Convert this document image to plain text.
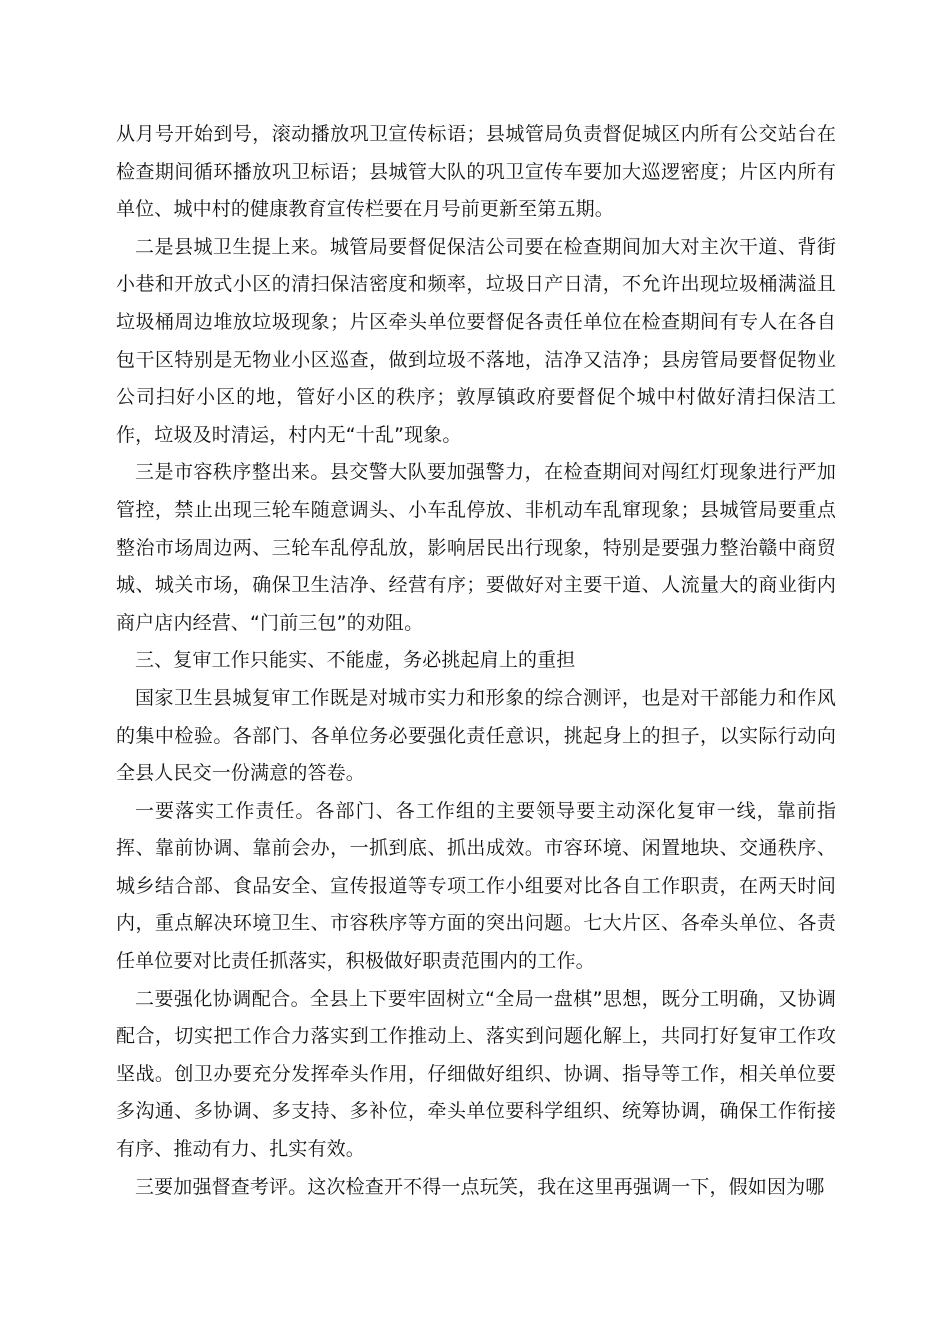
从月号开始到号，滚动播放巩卫宣传标语；县城管局负责督促城区内所有公交站台在检查期间循环播放巩卫标语；县城管大队的巩卫宣传车要加大巡逻密度；片区内所有单位、城中村的健康教育宣传栏要在月号前更新至第五期。

二是县城卫生提上来。城管局要督促保洁公司要在检查期间加大对主次干道、背街小巷和开放式小区的清扫保洁密度和频率，垃圾日产日清，不允许出现垃圾桶满溢且垃圾桶周边堆放垃圾现象；片区牵头单位要督促各责任单位在检查期间有专人在各自包干区特别是无物业小区巡查，做到垃圾不落地，洁净又洁净；县房管局要督促物业公司扫好小区的地，管好小区的秩序；敦厚镇政府要督促个城中村做好清扫保洁工作，垃圾及时清运，村内无“十乱”现象。

三是市容秩序整出来。县交警大队要加强警力，在检查期间对闯红灯现象进行严加管控，禁止出现三轮车随意调头、小车乱停放、非机动车乱窜现象；县城管局要重点整治市场周边两、三轮车乱停乱放，影响居民出行现象，特别是要强力整治赣中商贸城、城关市场，确保卫生洁净、经营有序；要做好对主要干道、人流量大的商业街内商户店内经营、“门前三包”的劝阻。

三、复审工作只能实、不能虚，务必挑起肩上的重担

国家卫生县城复审工作既是对城市实力和形象的综合测评，也是对干部能力和作风的集中检验。各部门、各单位务必要强化责任意识，挑起身上的担子，以实际行动向全县人民交一份满意的答卷。

一要落实工作责任。各部门、各工作组的主要领导要主动深化复审一线，靠前指挥、靠前协调、靠前会办，一抓到底、抓出成效。市容环境、闲置地块、交通秩序、城乡结合部、食品安全、宣传报道等专项工作小组要对比各自工作职责，在两天时间内，重点解决环境卫生、市容秩序等方面的突出问题。七大片区、各牵头单位、各责任单位要对比责任抓落实，积极做好职责范围内的工作。

二要强化协调配合。全县上下要牢固树立“全局一盘棋”思想，既分工明确，又协调配合，切实把工作合力落实到工作推动上、落实到问题化解上，共同打好复审工作攻坚战。创卫办要充分发挥牵头作用，仔细做好组织、协调、指导等工作，相关单位要多沟通、多协调、多支持、多补位，牵头单位要科学组织、统筹协调，确保工作衔接有序、推动有力、扎实有效。

三要加强督查考评。这次检查开不得一点玩笑，我在这里再强调一下，假如因为哪
